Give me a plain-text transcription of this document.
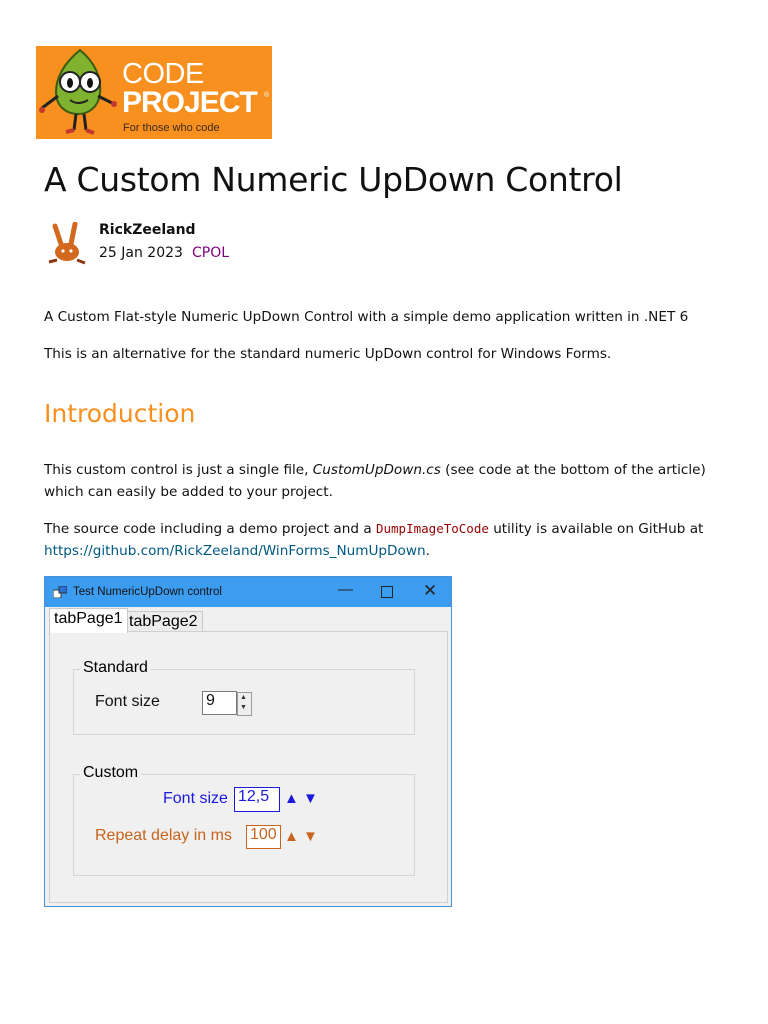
CODE
PROJECT ®
For those who code
A Custom Numeric UpDown Control
RickZeeland
25 Jan 2023 CPOL

A Custom Flat-style Numeric UpDown Control with a simple demo application written in .NET 6

This is an alternative for the standard numeric UpDown control for Windows Forms.

Introduction

This custom control is just a single file, CustomUpDown.cs (see code at the bottom of the article) which can easily be added to your project.

The source code including a demo project and a DumpImageToCode utility is available on GitHub at https://github.com/RickZeeland/WinForms_NumUpDown.

Test NumericUpDown control	—	✕
tabPage1 tabPage2
Standard
Font size	9	▲
▼
Custom
Font size 12,5 ▲ ▼
Repeat delay in ms 100 ▲ ▼
